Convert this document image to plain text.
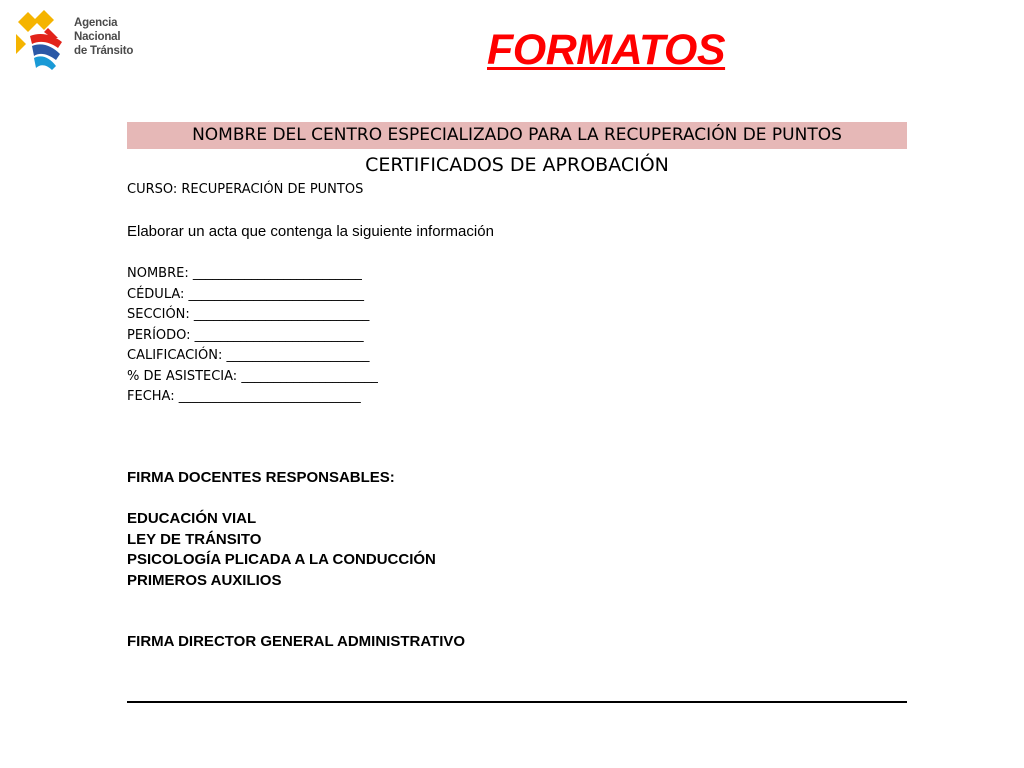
Agencia
Nacional
de Tránsito	FORMATOS
NOMBRE DEL CENTRO ESPECIALIZADO PARA LA RECUPERACIÓN DE PUNTOS
CERTIFICADOS DE APROBACIÓN
CURSO: RECUPERACIÓN DE PUNTOS
Elaborar un acta que contenga la siguiente información
NOMBRE: __________________________
CÉDULA: ___________________________
SECCIÓN: ___________________________
PERÍODO: __________________________
CALIFICACIÓN: ______________________
% DE ASISTECIA: _____________________
FECHA: ____________________________
FIRMA DOCENTES RESPONSABLES:
EDUCACIÓN VIAL
LEY DE TRÁNSITO
PSICOLOGÍA PLICADA A LA CONDUCCIÓN
PRIMEROS AUXILIOS
FIRMA DIRECTOR GENERAL ADMINISTRATIVO
